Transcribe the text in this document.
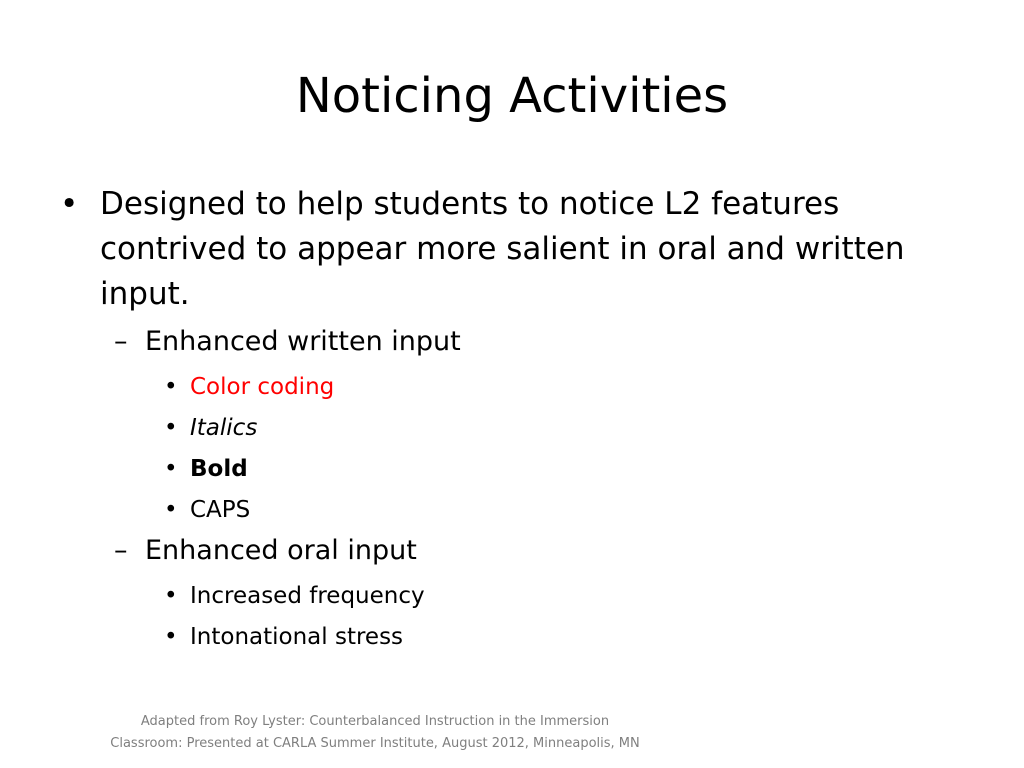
Noticing Activities
• Designed to help students to notice L2 features contrived to appear more salient in oral and written input.
– Enhanced written input
• Color coding
• Italics
• Bold
• CAPS
– Enhanced oral input
• Increased frequency
• Intonational stress
Adapted from Roy Lyster: Counterbalanced Instruction in the Immersion
Classroom: Presented at CARLA Summer Institute, August 2012, Minneapolis, MN
